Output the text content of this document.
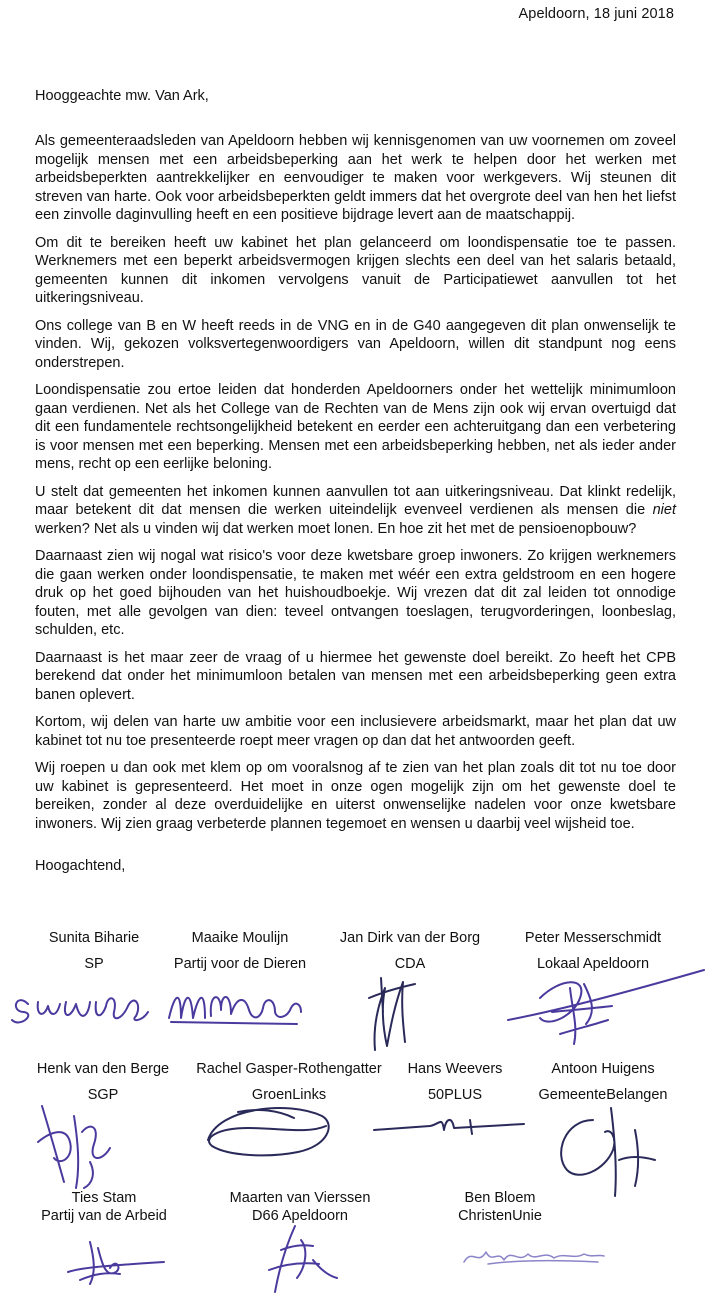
Apeldoorn, 18 juni 2018
Hooggeachte mw. Van Ark,

Als gemeenteraadsleden van Apeldoorn hebben wij kennisgenomen van uw voornemen om zoveel mogelijk mensen met een arbeidsbeperking aan het werk te helpen door het werken met arbeidsbeperkten aantrekkelijker en eenvoudiger te maken voor werkgevers. Wij steunen dit streven van harte. Ook voor arbeidsbeperkten geldt immers dat het overgrote deel van hen het liefst een zinvolle daginvulling heeft en een positieve bijdrage levert aan de maatschappij.

Om dit te bereiken heeft uw kabinet het plan gelanceerd om loondispensatie toe te passen. Werknemers met een beperkt arbeidsvermogen krijgen slechts een deel van het salaris betaald, gemeenten kunnen dit inkomen vervolgens vanuit de Participatiewet aanvullen tot het uitkeringsniveau.

Ons college van B en W heeft reeds in de VNG en in de G40 aangegeven dit plan onwenselijk te vinden. Wij, gekozen volksvertegenwoordigers van Apeldoorn, willen dit standpunt nog eens onderstrepen.

Loondispensatie zou ertoe leiden dat honderden Apeldoorners onder het wettelijk minimumloon gaan verdienen. Net als het College van de Rechten van de Mens zijn ook wij ervan overtuigd dat dit een fundamentele rechtsongelijkheid betekent en eerder een achteruitgang dan een verbetering is voor mensen met een beperking. Mensen met een arbeidsbeperking hebben, net als ieder ander mens, recht op een eerlijke beloning.

U stelt dat gemeenten het inkomen kunnen aanvullen tot aan uitkeringsniveau. Dat klinkt redelijk, maar betekent dit dat mensen die werken uiteindelijk evenveel verdienen als mensen die niet werken? Net als u vinden wij dat werken moet lonen. En hoe zit het met de pensioenopbouw?

Daarnaast zien wij nogal wat risico's voor deze kwetsbare groep inwoners. Zo krijgen werknemers die gaan werken onder loondispensatie, te maken met wéér een extra geldstroom en een hogere druk op het goed bijhouden van het huishoudboekje. Wij vrezen dat dit zal leiden tot onnodige fouten, met alle gevolgen van dien: teveel ontvangen toeslagen, terugvorderingen, loonbeslag, schulden, etc.

Daarnaast is het maar zeer de vraag of u hiermee het gewenste doel bereikt. Zo heeft het CPB berekend dat onder het minimumloon betalen van mensen met een arbeidsbeperking geen extra banen oplevert.

Kortom, wij delen van harte uw ambitie voor een inclusievere arbeidsmarkt, maar het plan dat uw kabinet tot nu toe presenteerde roept meer vragen op dan dat het antwoorden geeft.

Wij roepen u dan ook met klem op om vooralsnog af te zien van het plan zoals dit tot nu toe door uw kabinet is gepresenteerd. Het moet in onze ogen mogelijk zijn om het gewenste doel te bereiken, zonder al deze overduidelijke en uiterst onwenselijke nadelen voor onze kwetsbare inwoners. Wij zien graag verbeterde plannen tegemoet en wensen u daarbij veel wijsheid toe.

Hoogachtend,
Sunita Biharie
SP
Maaike Moulijn
Partij voor de Dieren
Jan Dirk van der Borg
CDA
Peter Messerschmidt
Lokaal Apeldoorn
Henk van den Berge
SGP
Rachel Gasper-Rothengatter
GroenLinks
Hans Weevers
50PLUS
Antoon Huigens
GemeenteBelangen
Ties Stam
Partij van de Arbeid
Maarten van Vierssen
D66 Apeldoorn
Ben Bloem
ChristenUnie
